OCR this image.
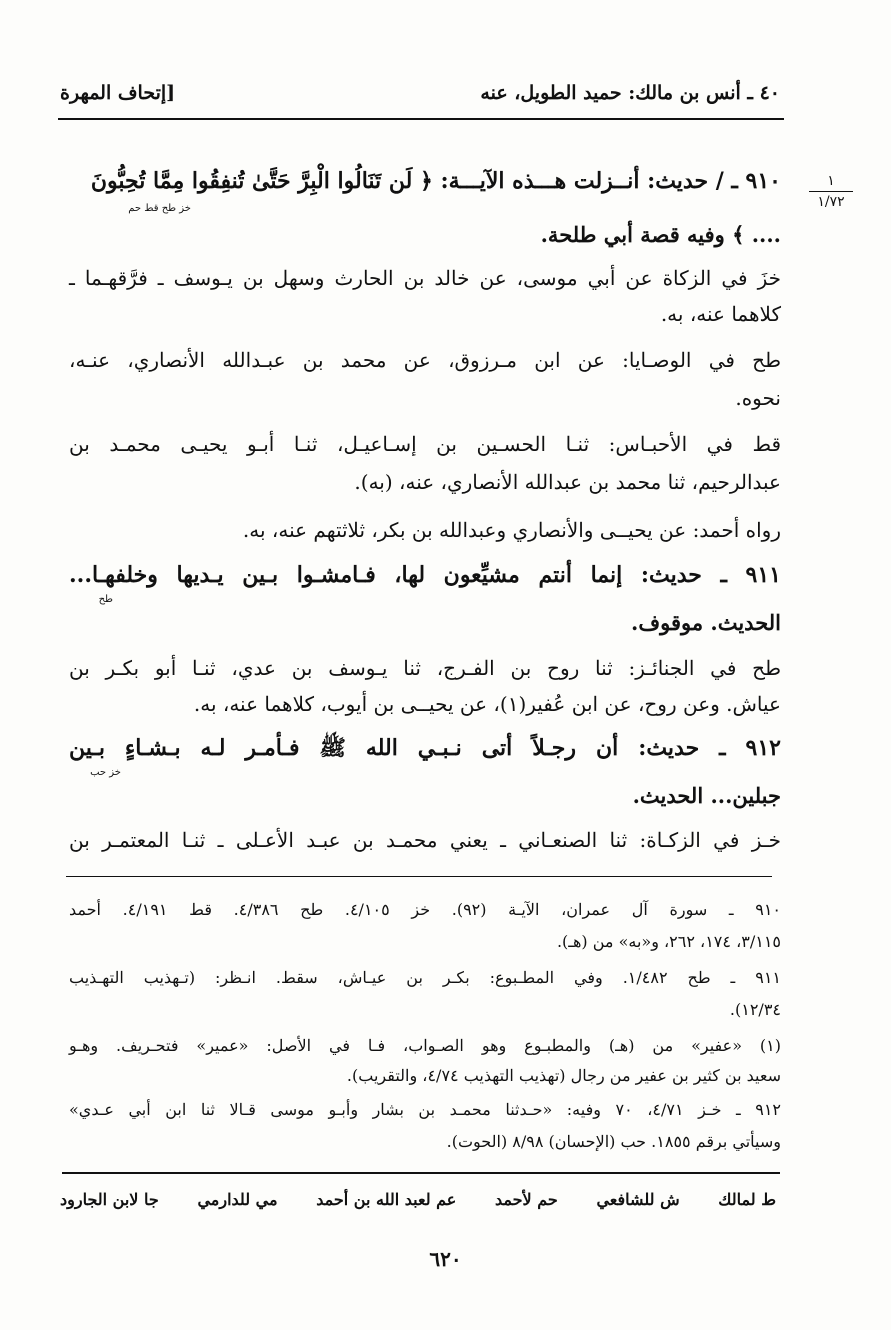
٤٠ ـ أنس بن مالك: حميد الطويل، عنه
[إتحاف المهرة
١
١/٧٢
٩١٠ ـ / حديث: أنــزلت هـــذه الآيـــة: ﴿ لَن تَنَالُوا الْبِرَّ حَتَّىٰ تُنفِقُوا مِمَّا تُحِبُّونَ
خز طح قط حم
.... ﴾ وفيه قصة أبي طلحة.
خزَ في الزكاة عن أبي موسى، عن خالد بن الحارث وسهل بن يـوسف ـ فرَّقهـما ـ
كلاهما عنه، به.
طح في الوصـايا: عن ابن مـرزوق، عن محمد بن عبـدالله الأنصاري، عنـه،
نحوه.
قط في الأحبـاس: ثنـا الحسـين بن إسـاعيـل، ثنـا أبـو يحيـى محمـد بن
عبدالرحيم، ثنا محمد بن عبدالله الأنصاري، عنه، (به).
رواه أحمد: عن يحيــى والأنصاري وعبدالله بن بكر، ثلاثتهم عنه، به.
٩١١ ـ حديث: إنما أنتم مشيِّعون لها، فـامشـوا بـين يـديها وخلفهـا...
طح
الحديث. موقوف.
طح في الجنائـز: ثنا روح بن الفـرج، ثنا يـوسف بن عدي، ثنـا أبو بكـر بن
عياش. وعن روح، عن ابن عُفير(١)، عن يحيــى بن أيوب، كلاهما عنه، به.
٩١٢ ـ حديث: أن رجـلاً أتى نـبـي الله ﷺ فـأمـر لـه بـشـاءٍ بـين
خز حب
جبلين... الحديث.
خـز في الزكـاة: ثنا الصنعـاني ـ يعني محمـد بن عبـد الأعـلى ـ ثنـا المعتمـر بن
٩١٠ ـ سورة آل عمران، الآيـة (٩٢). خز ٤/١٠٥. طح ٤/٣٨٦. قط ٤/١٩١. أحمد
٣/١١٥، ١٧٤، ٢٦٢، و«به» من (هـ).
٩١١ ـ طح ١/٤٨٢. وفي المطـبوع: بكـر بن عيـاش، سقط. انـظر: (تـهذيب التهـذيب
١٢/٣٤).
(١) «عفير» من (هـ) والمطبـوع وهو الصـواب، فـا في الأصل: «عمير» فتحـريف. وهـو
سعيد بن كثير بن عفير من رجال (تهذيب التهذيب ٤/٧٤، والتقريب).
٩١٢ ـ خـز ٤/٧١، ٧٠ وفيه: «حـدثنا محمـد بن بشار وأبـو موسى قـالا ثنا ابن أبي عـدي»
وسيأتي برقم ١٨٥٥. حب (الإحسان) ٨/٩٨ (الحوت).
ط لمالك
ش للشافعي
حم لأحمد
عم لعبد الله بن أحمد
مي للدارمي
جا لابن الجارود
٦٢٠
